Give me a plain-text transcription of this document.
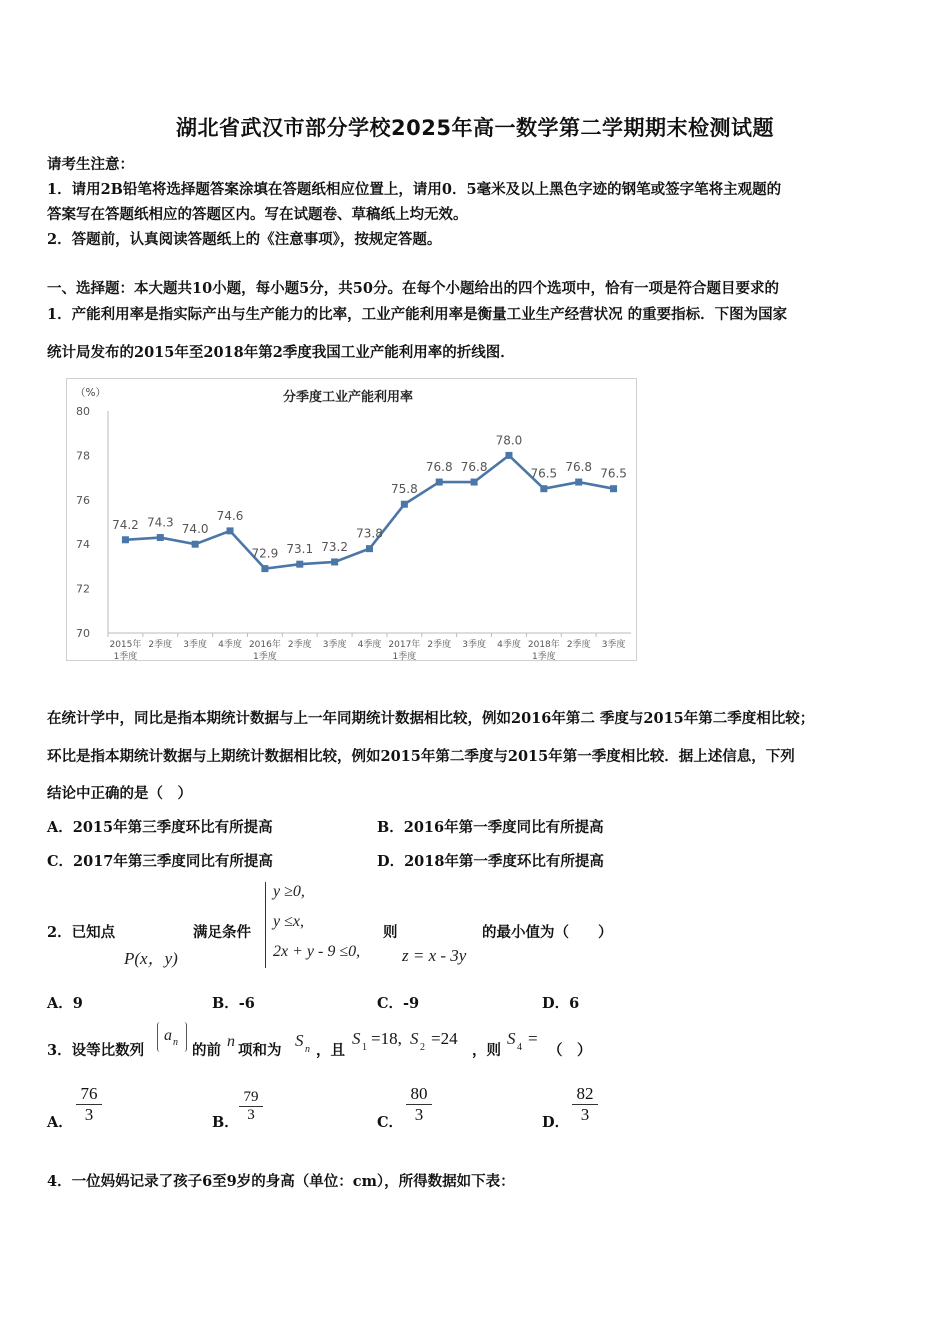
湖北省武汉市部分学校2025年高一数学第二学期期末检测试题
请考生注意：
1．请用2B铅笔将选择题答案涂填在答题纸相应位置上，请用0．5毫米及以上黑色字迹的钢笔或签字笔将主观题的
答案写在答题纸相应的答题区内。写在试题卷、草稿纸上均无效。
2．答题前，认真阅读答题纸上的《注意事项》，按规定答题。
一、选择题：本大题共10小题，每小题5分，共50分。在每个小题给出的四个选项中，恰有一项是符合题目要求的
1．产能利用率是指实际产出与生产能力的比率，工业产能利用率是衡量工业生产经营状况 的重要指标．下图为国家
统计局发布的2015年至2018年第2季度我国工业产能利用率的折线图．
（%）	分季度工业产能利用率
80
78
76
74
72
70
74.2 74.3 74.0
74.6
72.9 73.1 73.2
73.8
75.8
76.8 76.8
78.0
76.5 76.8 76.5
2015年
1季度
2季度 3季度 4季度 2016年
1季度
2季度 3季度 4季度 2017年
1季度
2季度 3季度 4季度 2018年
1季度
2季度 3季度
在统计学中，同比是指本期统计数据与上一年同期统计数据相比较，例如2016年第二 季度与2015年第二季度相比较；
环比是指本期统计数据与上期统计数据相比较，例如2015年第二季度与2015年第一季度相比较．据上述信息，下列
结论中正确的是（　）
A．2015年第三季度环比有所提高	B．2016年第一季度同比有所提高
C．2017年第三季度同比有所提高	D．2018年第一季度环比有所提高
2．已知点
P(x，y)
满足条件
y ≥0,
y ≤x,
2x + y - 9 ≤0,
则
z = x - 3y
的最小值为（　　）
A．9	B．-6	C．-9	D．6
3．设等比数列
a n 的前
n
项和为
S n ，且
S 1 =18, S 2 =24
，则
S 4 =
（　）
A．
76
3	B．
79
3	C．
80
3	D．
82
3
4．一位妈妈记录了孩子6至9岁的身高（单位：cm），所得数据如下表：
